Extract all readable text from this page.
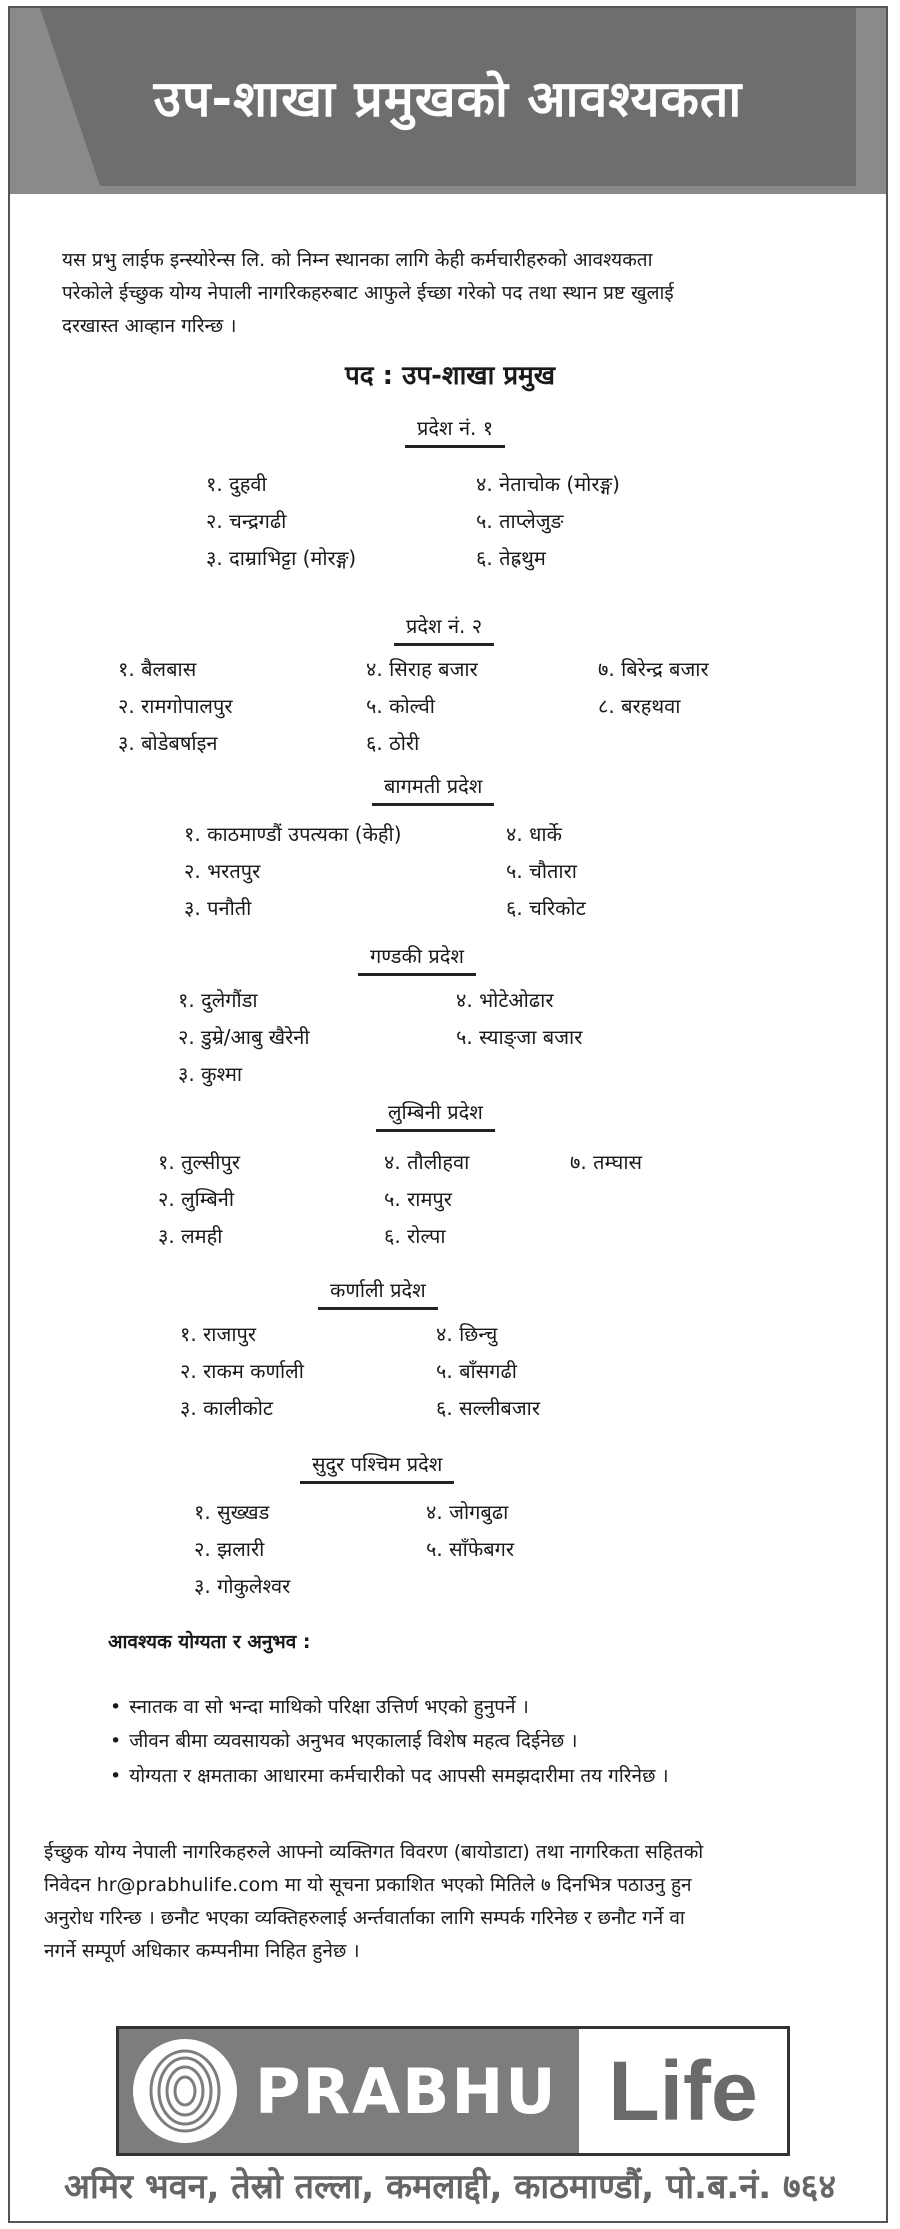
उप-शाखा प्रमुखको आवश्यकता
यस प्रभु लाईफ इन्स्योरेन्स लि. को निम्न स्थानका लागि केही कर्मचारीहरुको आवश्यकता
परेकोले ईच्छुक योग्य नेपाली नागरिकहरुबाट आफुले ईच्छा गरेको पद तथा स्थान प्रष्ट खुलाई
दरखास्त आव्हान गरिन्छ ।
पद : उप-शाखा प्रमुख
प्रदेश नं. १
१. दुहवी
२. चन्द्रगढी
३. दाम्राभिट्टा (मोरङ्ग)
४. नेताचोक (मोरङ्ग)
५. ताप्लेजुङ
६. तेह्रथुम
प्रदेश नं. २
१. बैलबास
२. रामगोपालपुर
३. बोडेबर्षाइन
४. सिराह बजार
५. कोल्वी
६. ठोरी
७. बिरेन्द्र बजार
८. बरहथवा
बागमती प्रदेश
१. काठमाण्डौं उपत्यका (केही)
२. भरतपुर
३. पनौती
४. धार्के
५. चौतारा
६. चरिकोट
गण्डकी प्रदेश
१. दुलेगौंडा
२. डुम्रे/आबु खैरेनी
३. कुश्मा
४. भोटेओढार
५. स्याङ्जा बजार
लुम्बिनी प्रदेश
१. तुल्सीपुर
२. लुम्बिनी
३. लमही
४. तौलीहवा
५. रामपुर
६. रोल्पा
७. तम्घास
कर्णाली प्रदेश
१. राजापुर
२. राकम कर्णाली
३. कालीकोट
४. छिन्चु
५. बाँसगढी
६. सल्लीबजार
सुदुर पश्चिम प्रदेश
१. सुख्खड
२. झलारी
३. गोकुलेश्वर
४. जोगबुढा
५. साँफेबगर
आवश्यक योग्यता र अनुभव :
• स्नातक वा सो भन्दा माथिको परिक्षा उत्तिर्ण भएको हुनुपर्ने ।
• जीवन बीमा व्यवसायको अनुभव भएकालाई विशेष महत्व दिईनेछ ।
• योग्यता र क्षमताका आधारमा कर्मचारीको पद आपसी समझदारीमा तय गरिनेछ ।
ईच्छुक योग्य नेपाली नागरिकहरुले आफ्नो व्यक्तिगत विवरण (बायोडाटा) तथा नागरिकता सहितको
निवेदन hr@prabhulife.com मा यो सूचना प्रकाशित भएको मितिले ७ दिनभित्र पठाउनु हुन
अनुरोध गरिन्छ । छनौट भएका व्यक्तिहरुलाई अर्न्तवार्ताका लागि सम्पर्क गरिनेछ र छनौट गर्ने वा
नगर्ने सम्पूर्ण अधिकार कम्पनीमा निहित हुनेछ ।
PRABHU Life
अमिर भवन, तेस्रो तल्ला, कमलाद्दी, काठमाण्डौं, पो.ब.नं. ७६४
